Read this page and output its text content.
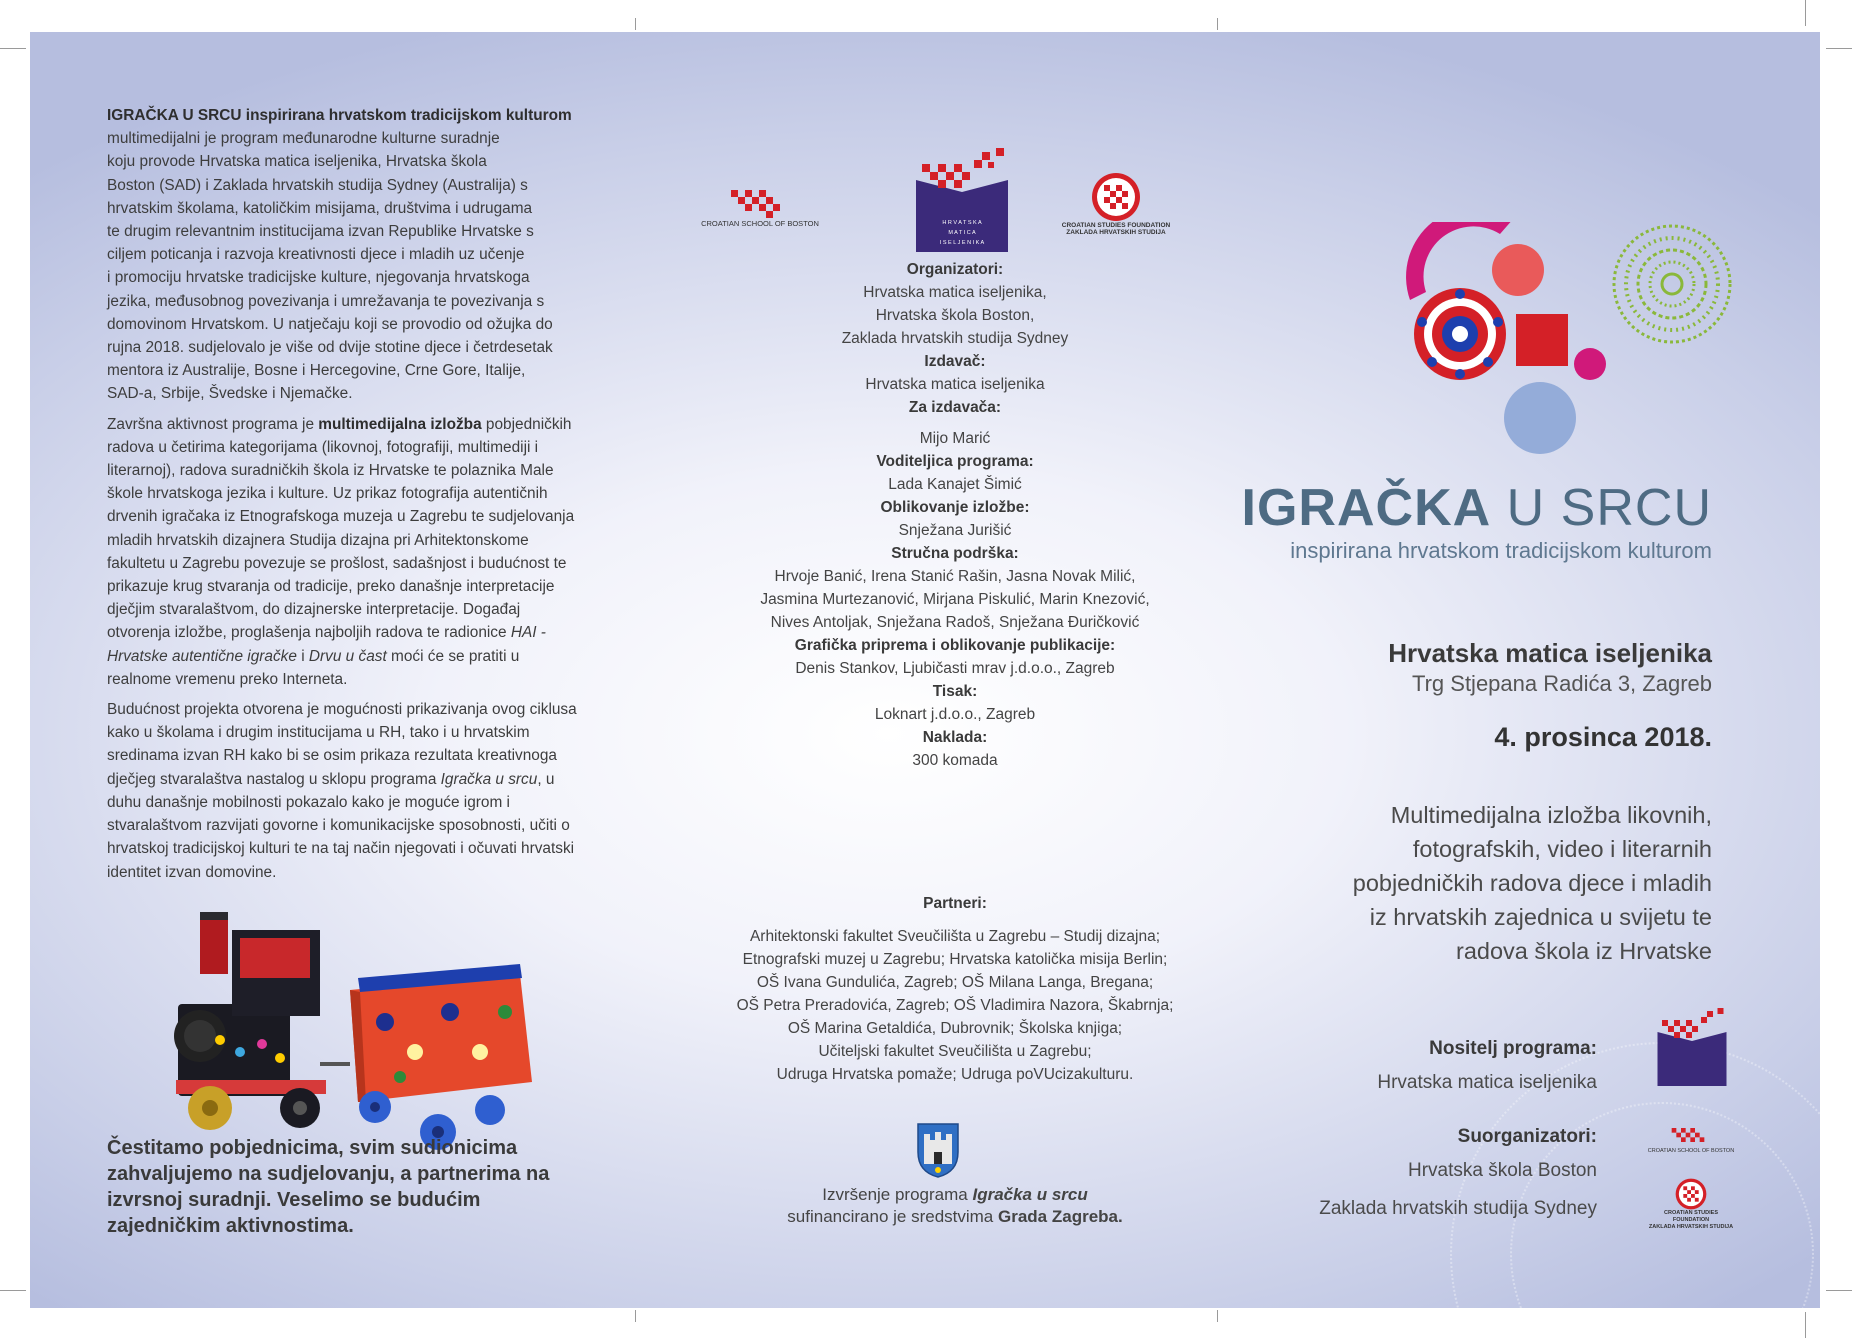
IGRAČKA U SRCU inspirirana hrvatskom tradicijskom kulturom
multimedijalni je program međunarodne kulturne suradnje
koju provode Hrvatska matica iseljenika, Hrvatska škola
Boston (SAD) i Zaklada hrvatskih studija Sydney (Australija) s
hrvatskim školama, katoličkim misijama, društvima i udrugama
te drugim relevantnim institucijama izvan Republike Hrvatske s
ciljem poticanja i razvoja kreativnosti djece i mladih uz učenje
i promociju hrvatske tradicijske kulture, njegovanja hrvatskoga
jezika, međusobnog povezivanja i umrežavanja te povezivanja s
domovinom Hrvatskom. U natječaju koji se provodio od ožujka do
rujna 2018. sudjelovalo je više od dvije stotine djece i četrdesetak
mentora iz Australije, Bosne i Hercegovine, Crne Gore, Italije,
SAD-a, Srbije, Švedske i Njemačke.

Završna aktivnost programa je multimedijalna izložba pobjedničkih radova u četirima kategorijama (likovnoj, fotografiji, multimediji i literarnoj), radova suradničkih škola iz Hrvatske te polaznika Male škole hrvatskoga jezika i kulture. Uz prikaz fotografija autentičnih drvenih igračaka iz Etnografskoga muzeja u Zagrebu te sudjelovanja mladih hrvatskih dizajnera Studija dizajna pri Arhitektonskome fakultetu u Zagrebu povezuje se prošlost, sadašnjost i budućnost te prikazuje krug stvaranja od tradicije, preko današnje interpretacije dječjim stvaralaštvom, do dizajnerske interpretacije. Događaj otvorenja izložbe, proglašenja najboljih radova te radionice HAI - Hrvatske autentične igračke i Drvu u čast moći će se pratiti u realnome vremenu preko Interneta.

Budućnost projekta otvorena je mogućnosti prikazivanja ovog ciklusa kako u školama i drugim institucijama u RH, tako i u hrvatskim sredinama izvan RH kako bi se osim prikaza rezultata kreativnoga dječjeg stvaralaštva nastalog u sklopu programa Igračka u srcu, u duhu današnje mobilnosti pokazalo kako je moguće igrom i stvaralaštvom razvijati govorne i komunikacijske sposobnosti, učiti o hrvatskoj tradicijskoj kulturi te na taj način njegovati i očuvati hrvatski identitet izvan domovine.

Čestitamo pobjednicima, svim sudionicima zahvaljujemo na sudjelovanju, a partnerima na izvrsnoj suradnji. Veselimo se budućim zajedničkim aktivnostima.
CROATIAN SCHOOL OF BOSTON	H R V A T S K A
M A T I C A
I S E L J E N I K A
CROATIAN STUDIES FOUNDATION
ZAKLADA HRVATSKIH STUDIJA
Organizatori:
Hrvatska matica iseljenika,
Hrvatska škola Boston,
Zaklada hrvatskih studija Sydney
Izdavač:
Hrvatska matica iseljenika
Za izdavača:
Mijo Marić
Voditeljica programa:
Lada Kanajet Šimić
Oblikovanje izložbe:
Snježana Jurišić
Stručna podrška:
Hrvoje Banić, Irena Stanić Rašin, Jasna Novak Milić,
Jasmina Murtezanović, Mirjana Piskulić, Marin Knezović,
Nives Antoljak, Snježana Radoš, Snježana Đuričković
Grafička priprema i oblikovanje publikacije:
Denis Stankov, Ljubičasti mrav j.d.o.o., Zagreb
Tisak:
Loknart j.d.o.o., Zagreb
Naklada:
300 komada
Partneri:
Arhitektonski fakultet Sveučilišta u Zagrebu – Studij dizajna;
Etnografski muzej u Zagrebu; Hrvatska katolička misija Berlin;
OŠ Ivana Gundulića, Zagreb; OŠ Milana Langa, Bregana;
OŠ Petra Preradovića, Zagreb; OŠ Vladimira Nazora, Škabrnja;
OŠ Marina Getaldića, Dubrovnik; Školska knjiga;
Učiteljski fakultet Sveučilišta u Zagrebu;
Udruga Hrvatska pomaže; Udruga poVUcizakulturu.
Izvršenje programa Igračka u srcu
sufinancirano je sredstvima Grada Zagreba.
IGRAČKA U SRCU
inspirirana hrvatskom tradicijskom kulturom
Hrvatska matica iseljenika
Trg Stjepana Radića 3, Zagreb
4. prosinca 2018.
Multimedijalna izložba likovnih,
fotografskih, video i literarnih
pobjedničkih radova djece i mladih
iz hrvatskih zajednica u svijetu te
radova škola iz Hrvatske
Nositelj programa:
Hrvatska matica iseljenika
Suorganizatori:
Hrvatska škola Boston
Zaklada hrvatskih studija Sydney
CROATIAN SCHOOL OF BOSTON
CROATIAN STUDIES FOUNDATION
ZAKLADA HRVATSKIH STUDIJA
